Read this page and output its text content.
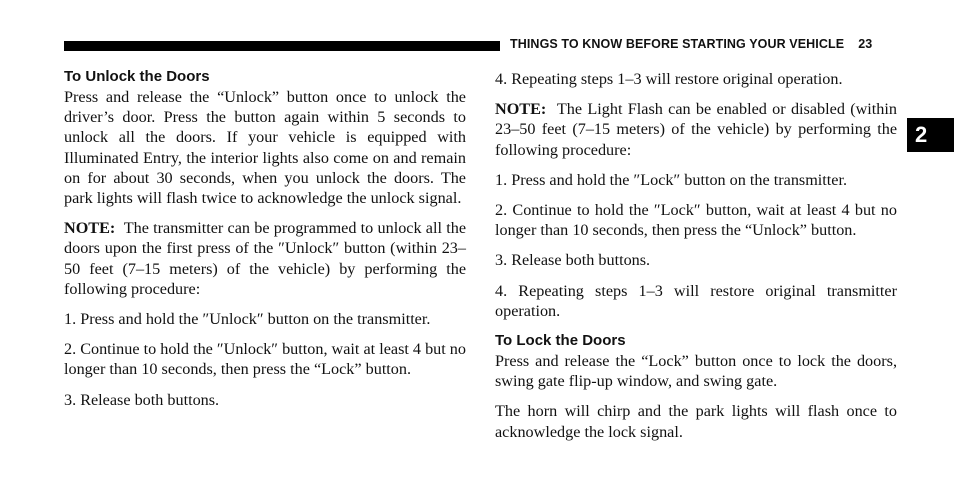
THINGS TO KNOW BEFORE STARTING YOUR VEHICLE 23
2
To Unlock the Doors

Press and release the “Unlock” button once to unlock the driver’s door. Press the button again within 5 seconds to unlock all the doors. If your vehicle is equipped with Illuminated Entry, the interior lights also come on and remain on for about 30 seconds, when you unlock the doors. The park lights will flash twice to acknowledge the unlock signal.

NOTE: The transmitter can be programmed to unlock all the doors upon the first press of the ″Unlock″ button (within 23–50 feet (7–15 meters) of the vehicle) by performing the following procedure:

1. Press and hold the ″Unlock″ button on the transmitter.

2. Continue to hold the ″Unlock″ button, wait at least 4 but no longer than 10 seconds, then press the “Lock” button.

3. Release both buttons.

4. Repeating steps 1–3 will restore original operation.

NOTE: The Light Flash can be enabled or disabled (within 23–50 feet (7–15 meters) of the vehicle) by performing the following procedure:

1. Press and hold the ″Lock″ button on the transmitter.

2. Continue to hold the ″Lock″ button, wait at least 4 but no longer than 10 seconds, then press the “Unlock” button.

3. Release both buttons.

4. Repeating steps 1–3 will restore original transmitter operation.

To Lock the Doors

Press and release the “Lock” button once to lock the doors, swing gate flip-up window, and swing gate.

The horn will chirp and the park lights will flash once to acknowledge the lock signal.
